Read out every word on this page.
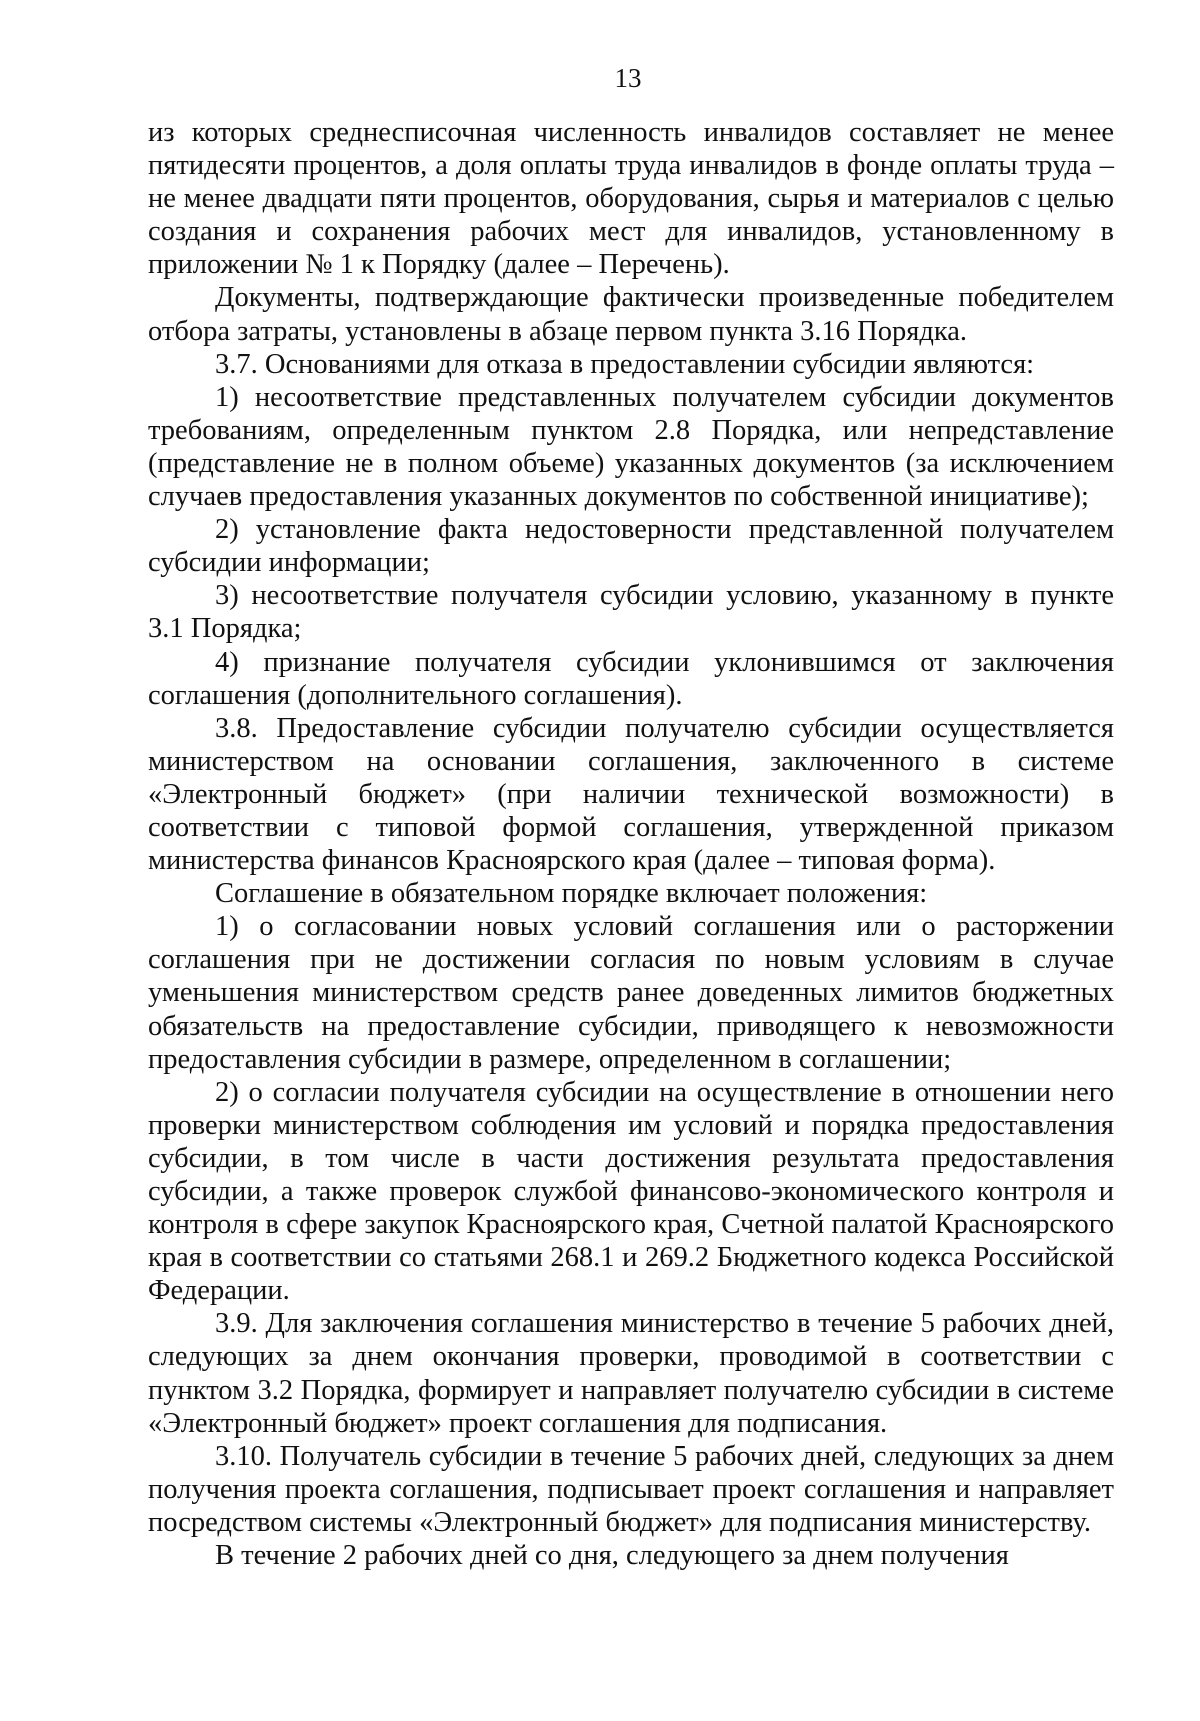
13

из которых среднесписочная численность инвалидов составляет не менее пятидесяти процентов, а доля оплаты труда инвалидов в фонде оплаты труда – не менее двадцати пяти процентов, оборудования, сырья и материалов с целью создания и сохранения рабочих мест для инвалидов, установленному в приложении № 1 к Порядку (далее – Перечень).

Документы, подтверждающие фактически произведенные победителем отбора затраты, установлены в абзаце первом пункта 3.16 Порядка.

3.7. Основаниями для отказа в предоставлении субсидии являются:

1) несоответствие представленных получателем субсидии документов требованиям, определенным пунктом 2.8 Порядка, или непредставление (представление не в полном объеме) указанных документов (за исключением случаев предоставления указанных документов по собственной инициативе);

2) установление факта недостоверности представленной получателем субсидии информации;

3) несоответствие получателя субсидии условию, указанному в пункте 3.1 Порядка;

4) признание получателя субсидии уклонившимся от заключения соглашения (дополнительного соглашения).

3.8. Предоставление субсидии получателю субсидии осуществляется министерством на основании соглашения, заключенного в системе «Электронный бюджет» (при наличии технической возможности) в соответствии с типовой формой соглашения, утвержденной приказом министерства финансов Красноярского края (далее – типовая форма).

Соглашение в обязательном порядке включает положения:

1) о согласовании новых условий соглашения или о расторжении соглашения при не достижении согласия по новым условиям в случае уменьшения министерством средств ранее доведенных лимитов бюджетных обязательств на предоставление субсидии, приводящего к невозможности предоставления субсидии в размере, определенном в соглашении;

2) о согласии получателя субсидии на осуществление в отношении него проверки министерством соблюдения им условий и порядка предоставления субсидии, в том числе в части достижения результата предоставления субсидии, а также проверок службой финансово-экономического контроля и контроля в сфере закупок Красноярского края, Счетной палатой Красноярского края в соответствии со статьями 268.1 и 269.2 Бюджетного кодекса Российской Федерации.

3.9. Для заключения соглашения министерство в течение 5 рабочих дней, следующих за днем окончания проверки, проводимой в соответствии с пунктом 3.2 Порядка, формирует и направляет получателю субсидии в системе «Электронный бюджет» проект соглашения для подписания.

3.10. Получатель субсидии в течение 5 рабочих дней, следующих за днем получения проекта соглашения, подписывает проект соглашения и направляет посредством системы «Электронный бюджет» для подписания министерству.

В течение 2 рабочих дней со дня, следующего за днем получения
